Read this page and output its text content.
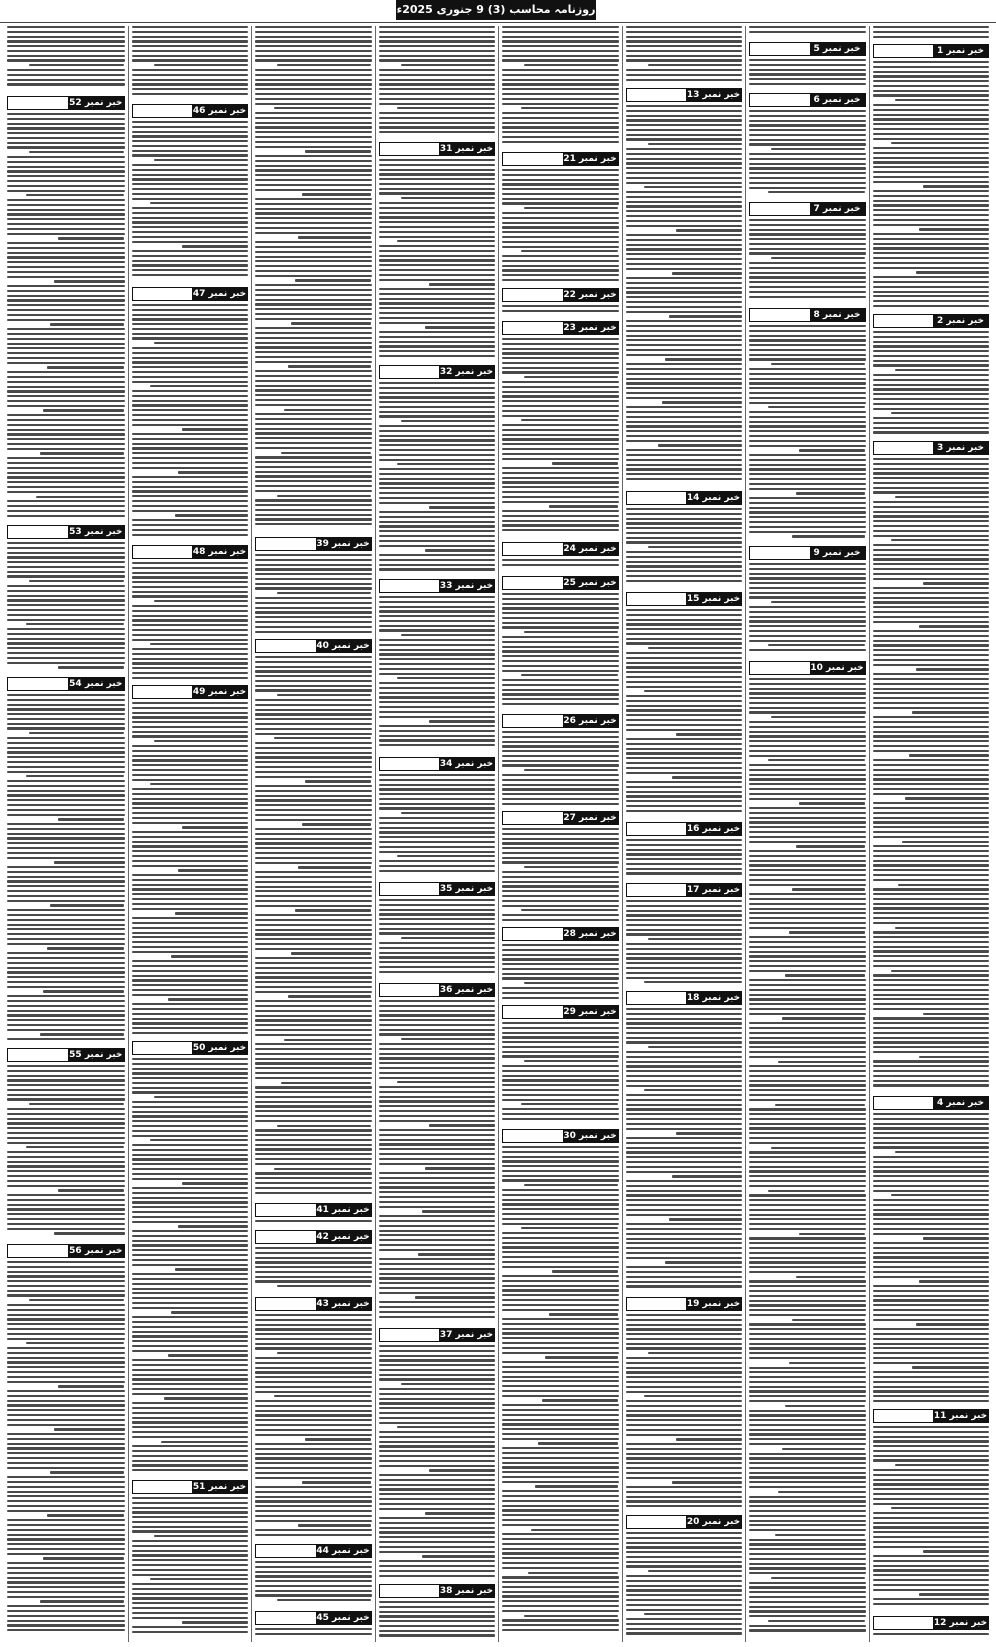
روزنامہ محاسب (3) 9 جنوری 2025ء
خبر نمبر 1
خبر نمبر 2
خبر نمبر 3
خبر نمبر 4
خبر نمبر 11
خبر نمبر 12
خبر نمبر 5
خبر نمبر 6
خبر نمبر 7
خبر نمبر 8
خبر نمبر 9
خبر نمبر 10
خبر نمبر 13
خبر نمبر 14
خبر نمبر 15
خبر نمبر 16
خبر نمبر 17
خبر نمبر 18
خبر نمبر 19
خبر نمبر 20
خبر نمبر 21
خبر نمبر 22
خبر نمبر 23
خبر نمبر 24
خبر نمبر 25
خبر نمبر 26
خبر نمبر 27
خبر نمبر 28
خبر نمبر 29
خبر نمبر 30
خبر نمبر 31
خبر نمبر 32
خبر نمبر 33
خبر نمبر 34
خبر نمبر 35
خبر نمبر 36
خبر نمبر 37
خبر نمبر 38
خبر نمبر 39
خبر نمبر 40
خبر نمبر 41
خبر نمبر 42
خبر نمبر 43
خبر نمبر 44
خبر نمبر 45
خبر نمبر 46
خبر نمبر 47
خبر نمبر 48
خبر نمبر 49
خبر نمبر 50
خبر نمبر 51
خبر نمبر 52
خبر نمبر 53
خبر نمبر 54
خبر نمبر 55
خبر نمبر 56
